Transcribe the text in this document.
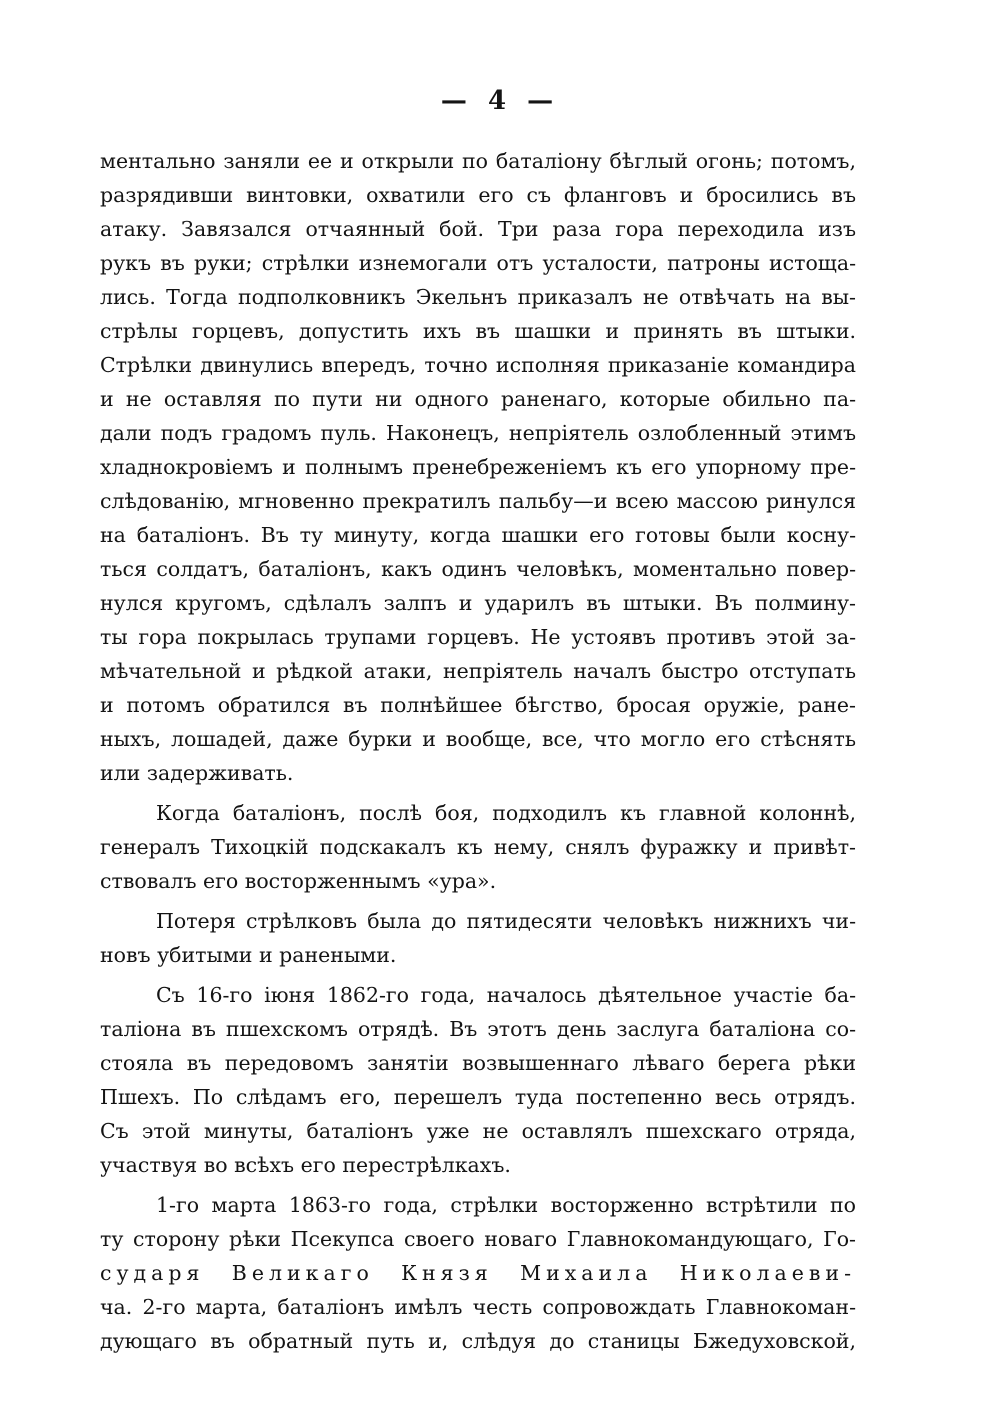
— 4 —
ментально заняли ее и открыли по баталіону бѣглый огонь; потомъ,
разрядивши винтовки, охватили его съ фланговъ и бросились въ
атаку. Завязался отчаянный бой. Три раза гора переходила изъ
рукъ въ руки; стрѣлки изнемогали отъ усталости, патроны истоща-
лись. Тогда подполковникъ Экельнъ приказалъ не отвѣчать на вы-
стрѣлы горцевъ, допустить ихъ въ шашки и принять въ штыки.
Стрѣлки двинулись впередъ, точно исполняя приказаніе командира
и не оставляя по пути ни одного раненаго, которые обильно па-
дали подъ градомъ пуль. Наконецъ, непріятель озлобленный этимъ
хладнокровіемъ и полнымъ пренебреженіемъ къ его упорному пре-
слѣдованію, мгновенно прекратилъ пальбу—и всею массою ринулся
на баталіонъ. Въ ту минуту, когда шашки его готовы были косну-
ться солдатъ, баталіонъ, какъ одинъ человѣкъ, моментально повер-
нулся кругомъ, сдѣлалъ залпъ и ударилъ въ штыки. Въ полмину-
ты гора покрылась трупами горцевъ. Не устоявъ противъ этой за-
мѣчательной и рѣдкой атаки, непріятель началъ быстро отступать
и потомъ обратился въ полнѣйшее бѣгство, бросая оружіе, ране-
ныхъ, лошадей, даже бурки и вообще, все, что могло его стѣснять
или задерживать.
Когда баталіонъ, послѣ боя, подходилъ къ главной колоннѣ,
генералъ Тихоцкій подскакалъ къ нему, снялъ фуражку и привѣт-
ствовалъ его восторженнымъ «ура».
Потеря стрѣлковъ была до пятидесяти человѣкъ нижнихъ чи-
новъ убитыми и ранеными.
Съ 16-го іюня 1862-го года, началось дѣятельное участіе ба-
таліона въ пшехскомъ отрядѣ. Въ этотъ день заслуга баталіона со-
стояла въ передовомъ занятіи возвышеннаго лѣваго берега рѣки
Пшехъ. По слѣдамъ его, перешелъ туда постепенно весь отрядъ.
Съ этой минуты, баталіонъ уже не оставлялъ пшехскаго отряда,
участвуя во всѣхъ его перестрѣлкахъ.
1-го марта 1863-го года, стрѣлки восторженно встрѣтили по
ту сторону рѣки Псекупса своего новаго Главнокомандующаго, Го-
сударя Великаго Князя Михаила Николаеви-
ча. 2-го марта, баталіонъ имѣлъ честь сопровождать Главнокоман-
дующаго въ обратный путь и, слѣдуя до станицы Бжедуховской,
